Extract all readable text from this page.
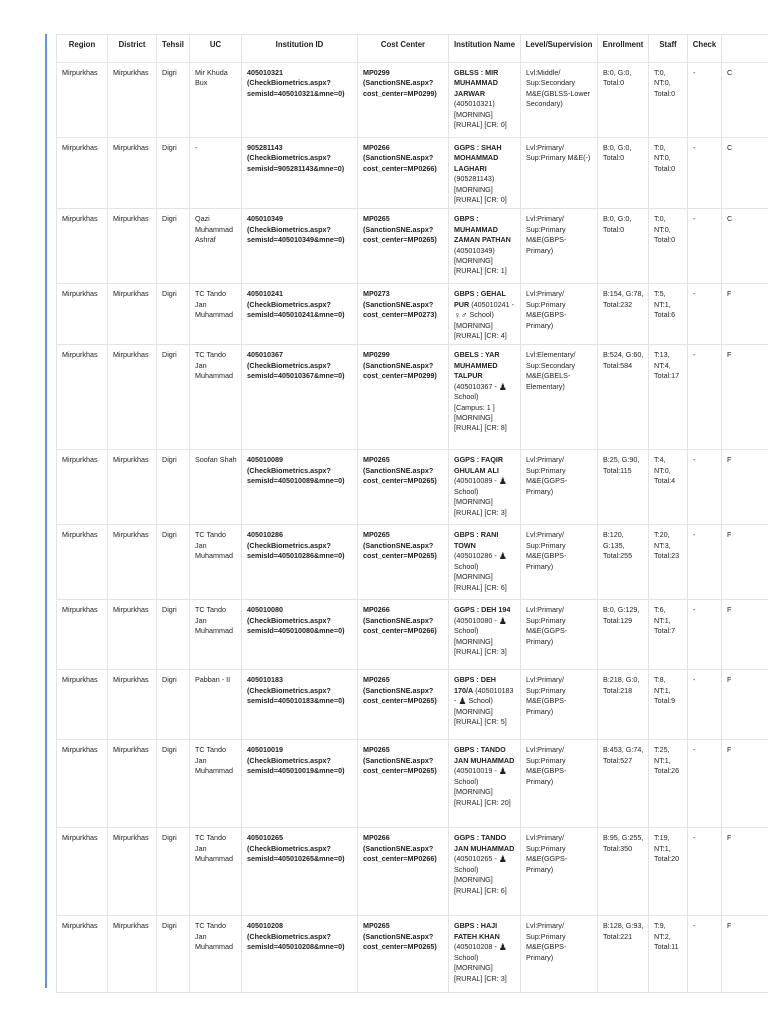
Region	District	Tehsil	UC	Institution ID	Cost Center	Institution Name	Level/Supervision	Enrollment	Staff	Check	
Mirpurkhas	Mirpurkhas	Digri	Mir Khuda Bux	405010321 (CheckBiometrics.aspx? semisId=405010321&mne=0)	MP0299 (SanctionSNE.aspx? cost_center=MP0299)	GBLSS : MIR MUHAMMAD JARWAR (405010321)
[MORNING]
[RURAL] [CR: 0]	Lvl:Middle/ Sup:Secondary M&E(GBLSS-Lower Secondary)	B:0, G:0, Total:0	T:0, NT:0, Total:0	-	C
Mirpurkhas	Mirpurkhas	Digri	-	905281143 (CheckBiometrics.aspx? semisId=905281143&mne=0)	MP0266 (SanctionSNE.aspx? cost_center=MP0266)	GGPS : SHAH MOHAMMAD LAGHARI (905281143)
[MORNING]
[RURAL] [CR: 0]	Lvl:Primary/ Sup:Primary M&E(-)	B:0, G:0, Total:0	T:0, NT:0, Total:0	-	C
Mirpurkhas	Mirpurkhas	Digri	Qazi Muhammad Ashraf	405010349 (CheckBiometrics.aspx? semisId=405010349&mne=0)	MP0265 (SanctionSNE.aspx? cost_center=MP0265)	GBPS : MUHAMMAD ZAMAN PATHAN (405010349)
[MORNING]
[RURAL] [CR: 1]	Lvl:Primary/ Sup:Primary M&E(GBPS-Primary)	B:0, G:0, Total:0	T:0, NT:0, Total:0	-	C
Mirpurkhas	Mirpurkhas	Digri	TC Tando Jan Muhammad	405010241 (CheckBiometrics.aspx? semisId=405010241&mne=0)	MP0273 (SanctionSNE.aspx? cost_center=MP0273)	GBPS : GEHAL PUR (405010241 - ♀♂ School)
[MORNING]
[RURAL] [CR: 4]	Lvl:Primary/ Sup:Primary M&E(GBPS-Primary)	B:154, G:78, Total:232	T:5, NT:1, Total:6	-	F
Mirpurkhas	Mirpurkhas	Digri	TC Tando Jan Muhammad	405010367 (CheckBiometrics.aspx? semisId=405010367&mne=0)	MP0299 (SanctionSNE.aspx? cost_center=MP0299)	GBELS : YAR MUHAMMED TALPUR (405010367 - ♟ School)
[Campus: 1 ]
[MORNING]
[RURAL] [CR: 8]	Lvl:Elementary/ Sup:Secondary M&E(GBELS-Elementary)	B:524, G:60, Total:584	T:13, NT:4, Total:17	-	F
Mirpurkhas	Mirpurkhas	Digri	Soofan Shah	405010089 (CheckBiometrics.aspx? semisId=405010089&mne=0)	MP0265 (SanctionSNE.aspx? cost_center=MP0265)	GGPS : FAQIR GHULAM ALI (405010089 - ♟ School)
[MORNING]
[RURAL] [CR: 3]	Lvl:Primary/ Sup:Primary M&E(GGPS-Primary)	B:25, G:90, Total:115	T:4, NT:0, Total:4	-	F
Mirpurkhas	Mirpurkhas	Digri	TC Tando Jan Muhammad	405010286 (CheckBiometrics.aspx? semisId=405010286&mne=0)	MP0265 (SanctionSNE.aspx? cost_center=MP0265)	GBPS : RANI TOWN (405010286 - ♟ School)
[MORNING]
[RURAL] [CR: 6]	Lvl:Primary/ Sup:Primary M&E(GBPS-Primary)	B:120, G:135, Total:255	T:20, NT:3, Total:23	-	F
Mirpurkhas	Mirpurkhas	Digri	TC Tando Jan Muhammad	405010080 (CheckBiometrics.aspx? semisId=405010080&mne=0)	MP0266 (SanctionSNE.aspx? cost_center=MP0266)	GGPS : DEH 194 (405010080 - ♟ School)
[MORNING]
[RURAL] [CR: 3]	Lvl:Primary/ Sup:Primary M&E(GGPS-Primary)	B:0, G:129, Total:129	T:6, NT:1, Total:7	-	F
Mirpurkhas	Mirpurkhas	Digri	Pabban - II	405010183 (CheckBiometrics.aspx? semisId=405010183&mne=0)	MP0265 (SanctionSNE.aspx? cost_center=MP0265)	GBPS : DEH 170/A (405010183 - ♟ School)
[MORNING]
[RURAL] [CR: 5]	Lvl:Primary/ Sup:Primary M&E(GBPS-Primary)	B:218, G:0, Total:218	T:8, NT:1, Total:9	-	F
Mirpurkhas	Mirpurkhas	Digri	TC Tando Jan Muhammad	405010019 (CheckBiometrics.aspx? semisId=405010019&mne=0)	MP0265 (SanctionSNE.aspx? cost_center=MP0265)	GBPS : TANDO JAN MUHAMMAD (405010019 - ♟ School)
[MORNING]
[RURAL] [CR: 20]	Lvl:Primary/ Sup:Primary M&E(GBPS-Primary)	B:453, G:74, Total:527	T:25, NT:1, Total:26	-	F
Mirpurkhas	Mirpurkhas	Digri	TC Tando Jan Muhammad	405010265 (CheckBiometrics.aspx? semisId=405010265&mne=0)	MP0266 (SanctionSNE.aspx? cost_center=MP0266)	GGPS : TANDO JAN MUHAMMAD (405010265 - ♟ School)
[MORNING]
[RURAL] [CR: 6]	Lvl:Primary/ Sup:Primary M&E(GGPS-Primary)	B:95, G:255, Total:350	T:19, NT:1, Total:20	-	F
Mirpurkhas	Mirpurkhas	Digri	TC Tando Jan Muhammad	405010208 (CheckBiometrics.aspx? semisId=405010208&mne=0)	MP0265 (SanctionSNE.aspx? cost_center=MP0265)	GBPS : HAJI FATEH KHAN (405010208 - ♟ School)
[MORNING]
[RURAL] [CR: 3]	Lvl:Primary/ Sup:Primary M&E(GBPS-Primary)	B:128, G:93, Total:221	T:9, NT:2, Total:11	-	F
